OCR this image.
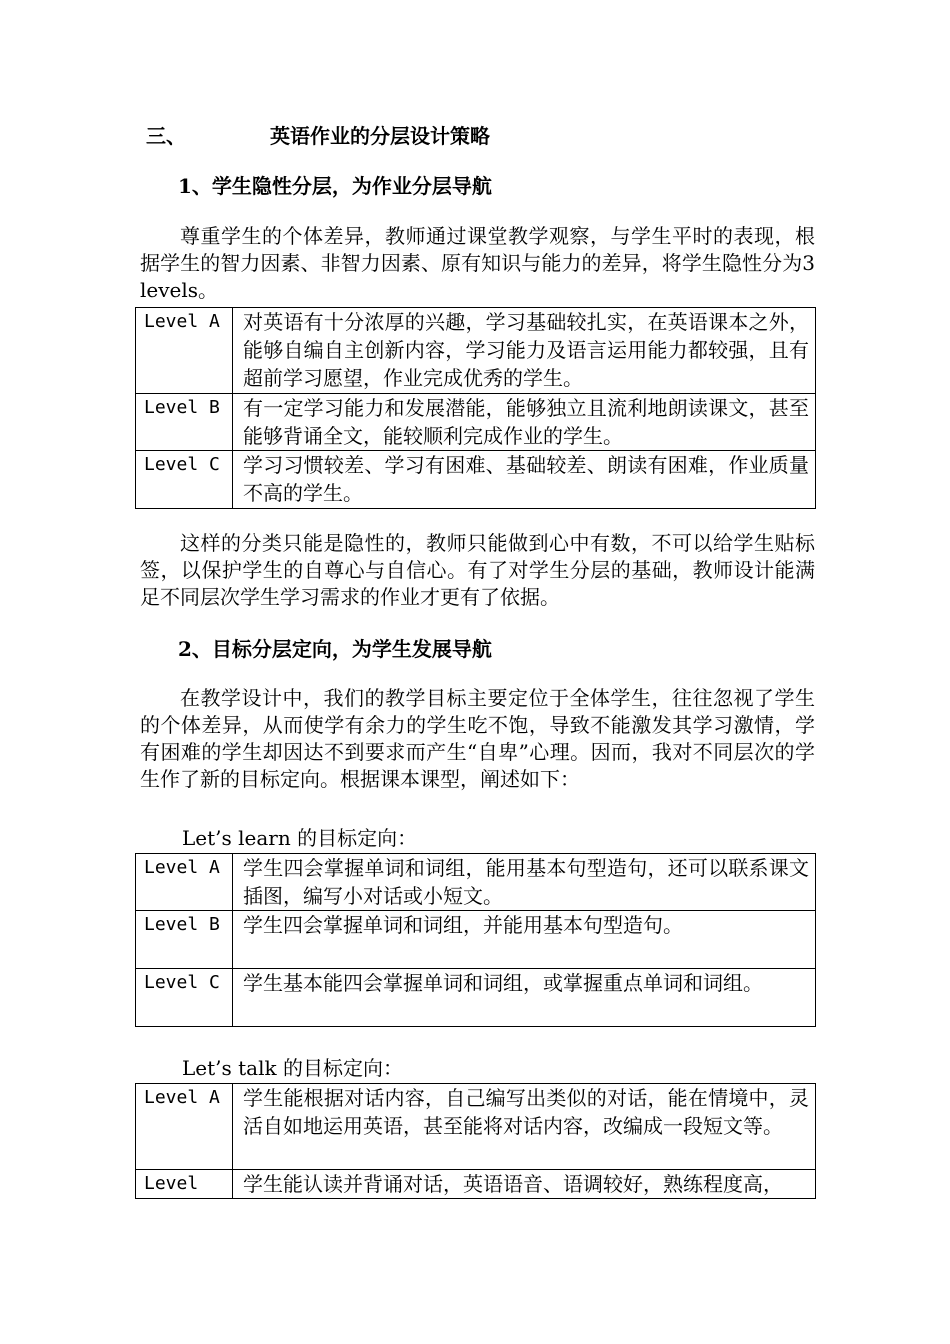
三、	英语作业的分层设计策略
1、学生隐性分层，为作业分层导航

尊重学生的个体差异，教师通过课堂教学观察，与学生平时的表现，根据学生的智力因素、非智力因素、原有知识与能力的差异，将学生隐性分为3 levels。

Level A	对英语有十分浓厚的兴趣，学习基础较扎实，在英语课本之外，能够自编自主创新内容，学习能力及语言运用能力都较强，且有超前学习愿望，作业完成优秀的学生。
Level B	有一定学习能力和发展潜能，能够独立且流利地朗读课文，甚至能够背诵全文，能较顺利完成作业的学生。
Level C	学习习惯较差、学习有困难、基础较差、朗读有困难，作业质量不高的学生。

这样的分类只能是隐性的，教师只能做到心中有数，不可以给学生贴标签，以保护学生的自尊心与自信心。有了对学生分层的基础，教师设计能满足不同层次学生学习需求的作业才更有了依据。

2、目标分层定向，为学生发展导航

在教学设计中，我们的教学目标主要定位于全体学生，往往忽视了学生的个体差异，从而使学有余力的学生吃不饱，导致不能激发其学习激情，学有困难的学生却因达不到要求而产生“自卑”心理。因而，我对不同层次的学生作了新的目标定向。根据课本课型，阐述如下：

Let’s learn 的目标定向：
Level A	学生四会掌握单词和词组，能用基本句型造句，还可以联系课文插图，编写小对话或小短文。
Level B	学生四会掌握单词和词组，并能用基本句型造句。
Level C	学生基本能四会掌握单词和词组，或掌握重点单词和词组。
Let’s talk 的目标定向：
Level A	学生能根据对话内容，自己编写出类似的对话，能在情境中，灵活自如地运用英语，甚至能将对话内容，改编成一段短文等。
Level	学生能认读并背诵对话，英语语音、语调较好，熟练程度高，
